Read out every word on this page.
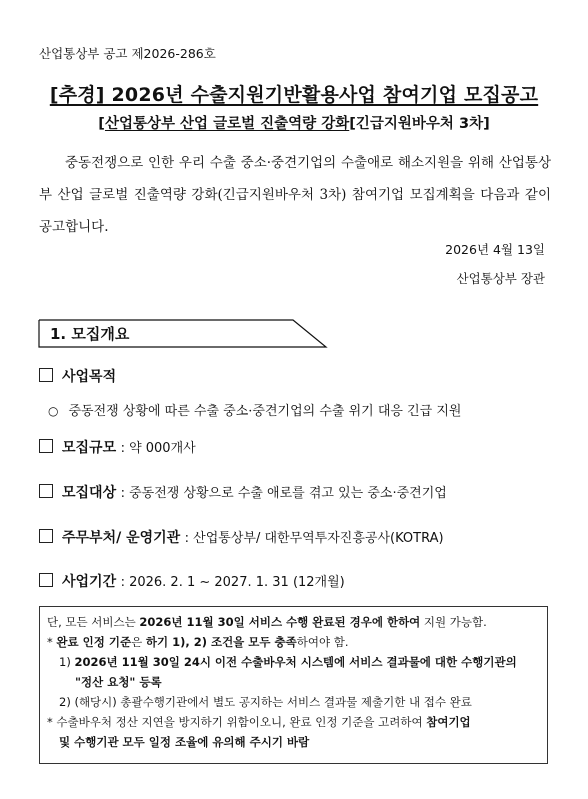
산업통상부 공고 제2026-286호
[추경] 2026년 수출지원기반활용사업 참여기업 모집공고
[산업통상부 산업 글로벌 진출역량 강화[긴급지원바우처 3차]
중동전쟁으로 인한 우리 수출 중소·중견기업의 수출애로 해소지원을 위해 산업통상부 산업 글로벌 진출역량 강화(긴급지원바우처 3차) 참여기업 모집계획을 다음과 같이 공고합니다.
2026년 4월 13일
산업통상부 장관
1. 모집개요
사업목적
○ 중동전쟁 상황에 따른 수출 중소·중견기업의 수출 위기 대응 긴급 지원
모집규모 : 약 000개사
모집대상 : 중동전쟁 상황으로 수출 애로를 겪고 있는 중소·중견기업
주무부처/ 운영기관 : 산업통상부/ 대한무역투자진흥공사(KOTRA)
사업기간 : 2026. 2. 1 ~ 2027. 1. 31 (12개월)

단, 모든 서비스는 2026년 11월 30일 서비스 수행 완료된 경우에 한하여 지원 가능함.

* 완료 인정 기준은 하기 1), 2) 조건을 모두 충족하여야 함.

1) 2026년 11월 30일 24시 이전 수출바우처 시스템에 서비스 결과물에 대한 수행기관의

"정산 요청" 등록

2) (해당시) 총괄수행기관에서 별도 공지하는 서비스 결과물 제출기한 내 접수 완료

* 수출바우처 정산 지연을 방지하기 위함이오니, 완료 인정 기준을 고려하여 참여기업

및 수행기관 모두 일정 조율에 유의해 주시기 바람
